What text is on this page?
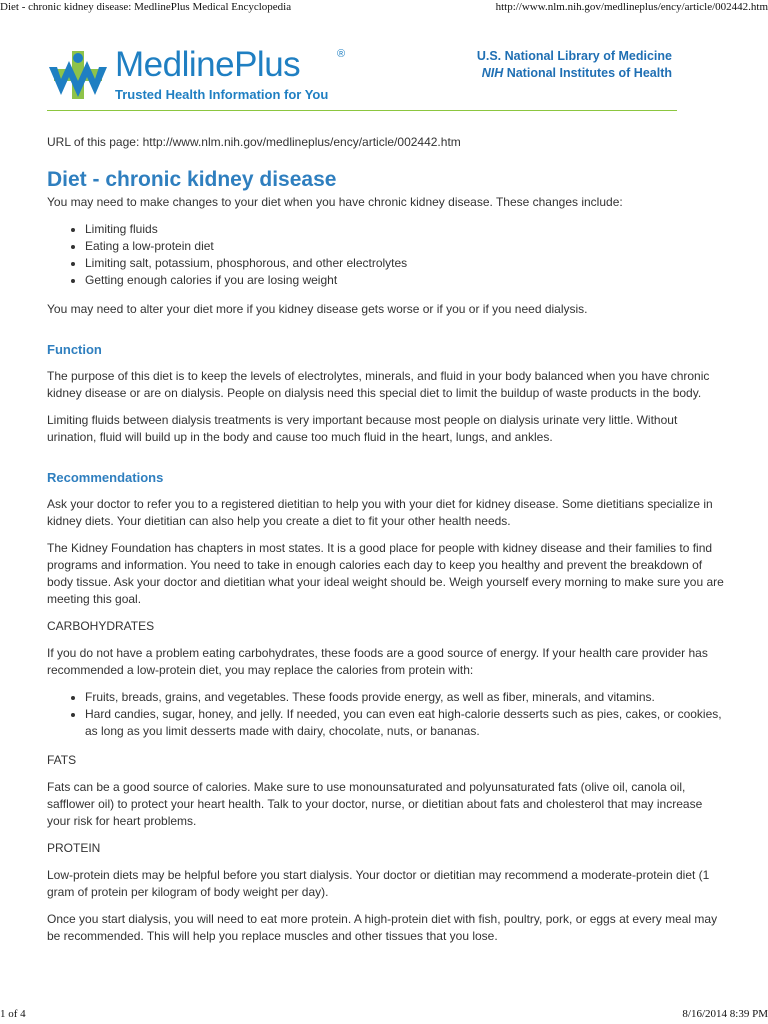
Diet - chronic kidney disease: MedlinePlus Medical Encyclopedia	http://www.nlm.nih.gov/medlineplus/ency/article/002442.htm
MedlinePlus	®
Trusted Health Information for You
U.S. National Library of Medicine
NIH National Institutes of Health

URL of this page: http://www.nlm.nih.gov/medlineplus/ency/article/002442.htm

Diet - chronic kidney disease

You may need to make changes to your diet when you have chronic kidney disease. These changes include:

• Limiting fluids
• Eating a low-protein diet
• Limiting salt, potassium, phosphorous, and other electrolytes
• Getting enough calories if you are losing weight

You may need to alter your diet more if you kidney disease gets worse or if you or if you need dialysis.

Function

The purpose of this diet is to keep the levels of electrolytes, minerals, and fluid in your body balanced when you have chronic kidney disease or are on dialysis. People on dialysis need this special diet to limit the buildup of waste products in the body.

Limiting fluids between dialysis treatments is very important because most people on dialysis urinate very little. Without urination, fluid will build up in the body and cause too much fluid in the heart, lungs, and ankles.

Recommendations

Ask your doctor to refer you to a registered dietitian to help you with your diet for kidney disease. Some dietitians specialize in kidney diets. Your dietitian can also help you create a diet to fit your other health needs.

The Kidney Foundation has chapters in most states. It is a good place for people with kidney disease and their families to find programs and information. You need to take in enough calories each day to keep you healthy and prevent the breakdown of body tissue. Ask your doctor and dietitian what your ideal weight should be. Weigh yourself every morning to make sure you are meeting this goal.

CARBOHYDRATES

If you do not have a problem eating carbohydrates, these foods are a good source of energy. If your health care provider has recommended a low-protein diet, you may replace the calories from protein with:

• Fruits, breads, grains, and vegetables. These foods provide energy, as well as fiber, minerals, and vitamins.
• Hard candies, sugar, honey, and jelly. If needed, you can even eat high-calorie desserts such as pies, cakes, or cookies, as long as you limit desserts made with dairy, chocolate, nuts, or bananas.

FATS

Fats can be a good source of calories. Make sure to use monounsaturated and polyunsaturated fats (olive oil, canola oil, safflower oil) to protect your heart health. Talk to your doctor, nurse, or dietitian about fats and cholesterol that may increase your risk for heart problems.

PROTEIN

Low-protein diets may be helpful before you start dialysis. Your doctor or dietitian may recommend a moderate-protein diet (1 gram of protein per kilogram of body weight per day).

Once you start dialysis, you will need to eat more protein. A high-protein diet with fish, poultry, pork, or eggs at every meal may be recommended. This will help you replace muscles and other tissues that you lose.

1 of 4	8/16/2014 8:39 PM
